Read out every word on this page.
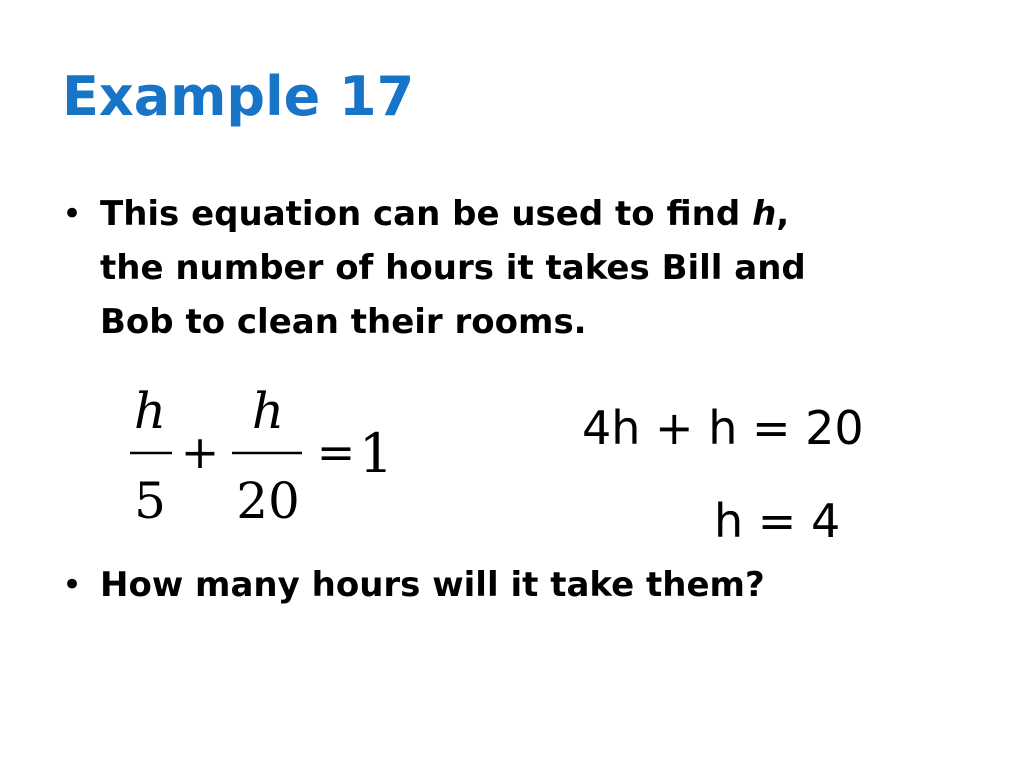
Example 17
• This equation can be used to find h,
the number of hours it takes Bill and
Bob to clean their rooms.
h
5
+
h
20
= 1	4h + h = 20
h = 4
• How many hours will it take them?
